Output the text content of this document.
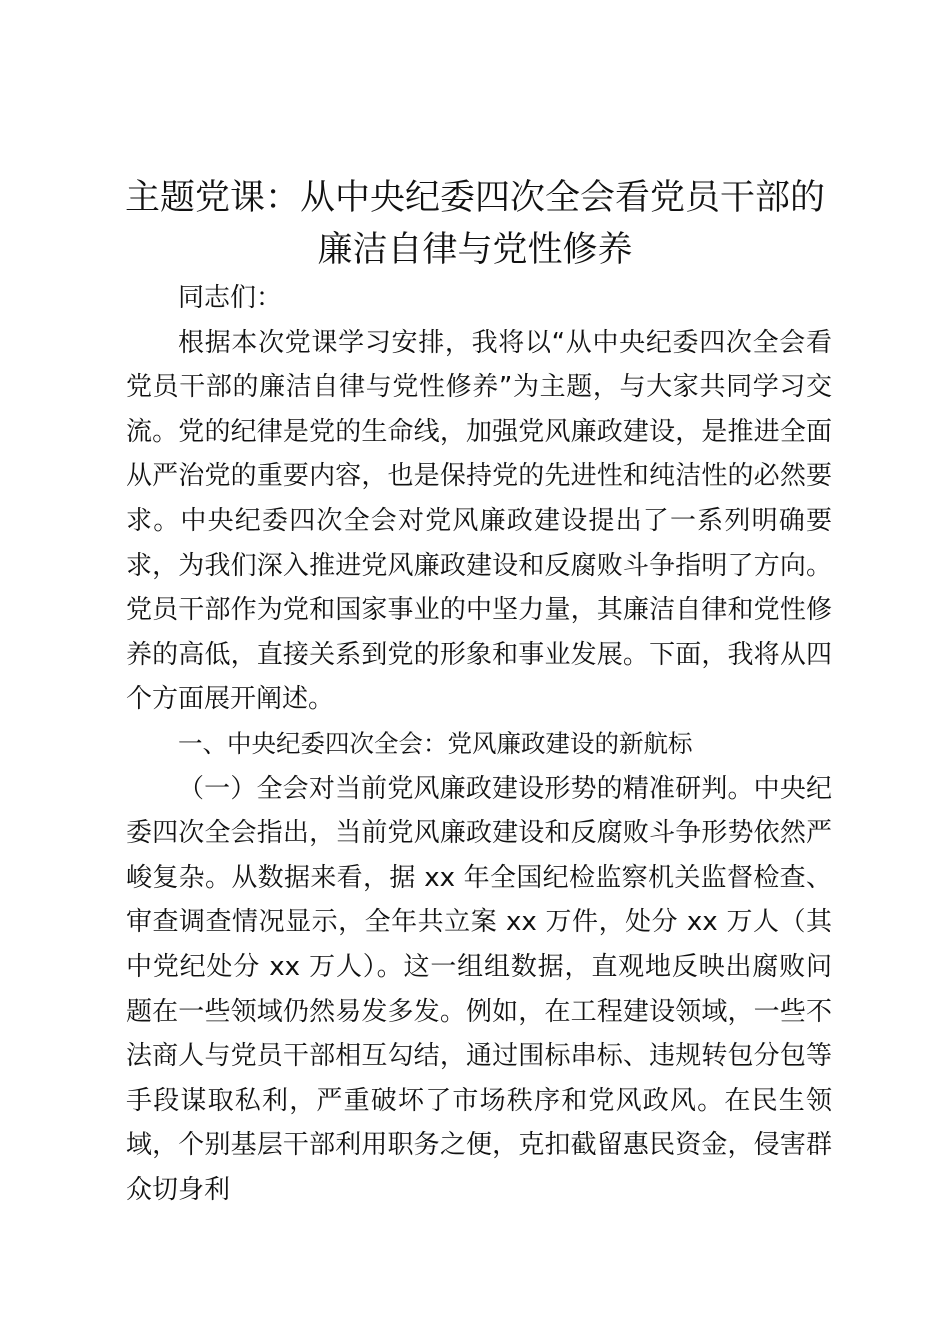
主题党课：从中央纪委四次全会看党员干部的
廉洁自律与党性修养

同志们：

根据本次党课学习安排，我将以“从中央纪委四次全会看党员干部的廉洁自律与党性修养”为主题，与大家共同学习交流。党的纪律是党的生命线，加强党风廉政建设，是推进全面从严治党的重要内容，也是保持党的先进性和纯洁性的必然要求。中央纪委四次全会对党风廉政建设提出了一系列明确要求，为我们深入推进党风廉政建设和反腐败斗争指明了方向。党员干部作为党和国家事业的中坚力量，其廉洁自律和党性修养的高低，直接关系到党的形象和事业发展。下面，我将从四个方面展开阐述。

一、中央纪委四次全会：党风廉政建设的新航标

（一）全会对当前党风廉政建设形势的精准研判。中央纪委四次全会指出，当前党风廉政建设和反腐败斗争形势依然严峻复杂。从数据来看，据 xx 年全国纪检监察机关监督检查、审查调查情况显示，全年共立案 xx 万件，处分 xx 万人（其中党纪处分 xx 万人）。这一组组数据，直观地反映出腐败问题在一些领域仍然易发多发。例如，在工程建设领域，一些不法商人与党员干部相互勾结，通过围标串标、违规转包分包等手段谋取私利，严重破坏了市场秩序和党风政风。在民生领域，个别基层干部利用职务之便，克扣截留惠民资金，侵害群众切身利
